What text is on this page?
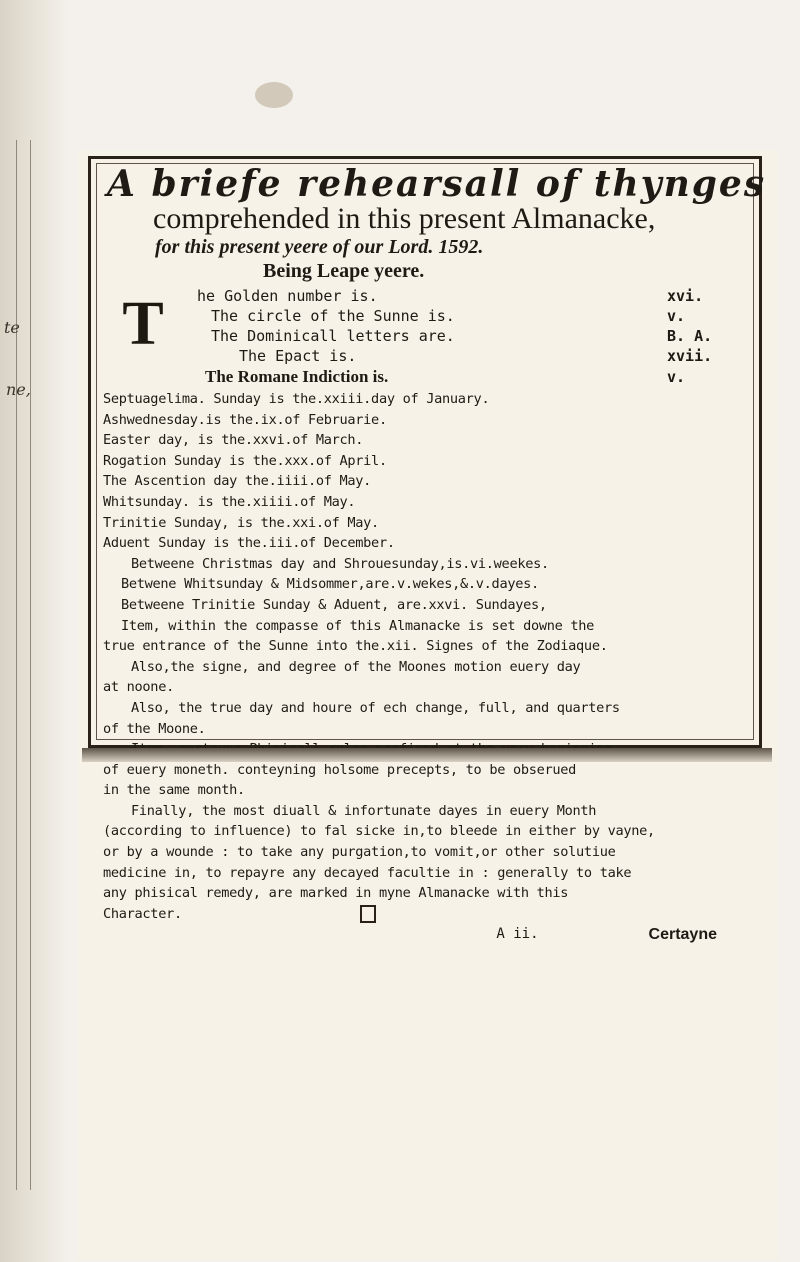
te
ne,
A briefe rehearsall of thynges
comprehended in this present Almanacke,
for this present yeere of our Lord. 1592.
Being Leape yeere.
T	he Golden number is.	xvi.
The circle of the Sunne is.	v.
The Dominicall letters are.	B. A.
The Epact is.	xvii.
The Romane Indiction is.	v.
Septuagelima. Sunday is the.xxiii.day of January.
Ashwednesday.is the.ix.of Februarie.
Easter day, is the.xxvi.of March.
Rogation Sunday is the.xxx.of April.
The Ascention day the.iiii.of May.
Whitsunday. is the.xiiii.of May.
Trinitie Sunday, is the.xxi.of May.
Aduent Sunday is the.iii.of December.
Betweene Christmas day and Shrouesunday,is.vi.weekes.
Betwene Whitsunday & Midsommer,are.v.wekes,&.v.dayes.
Betweene Trinitie Sunday & Aduent, are.xxvi. Sundayes,
Item, within the compasse of this Almanacke is set downe the
true entrance of the Sunne into the.xii. Signes of the Zodiaque.
Also,the signe, and degree of the Moones motion euery day
at noone.
Also, the true day and houre of ech change, full, and quarters
of the Moone.
of euery moneth. conteyning holsome precepts, to be obserued
in the same month.
Finally, the most diuall & infortunate dayes in euery Month
(according to influence) to fal sicke in,to bleede in either by vayne,
or by a wounde : to take any purgation,to vomit,or other solutiue
medicine in, to repayre any decayed facultie in : generally to take
any phisical remedy, are marked in myne Almanacke with this
Character.
A ii.	Certayne
